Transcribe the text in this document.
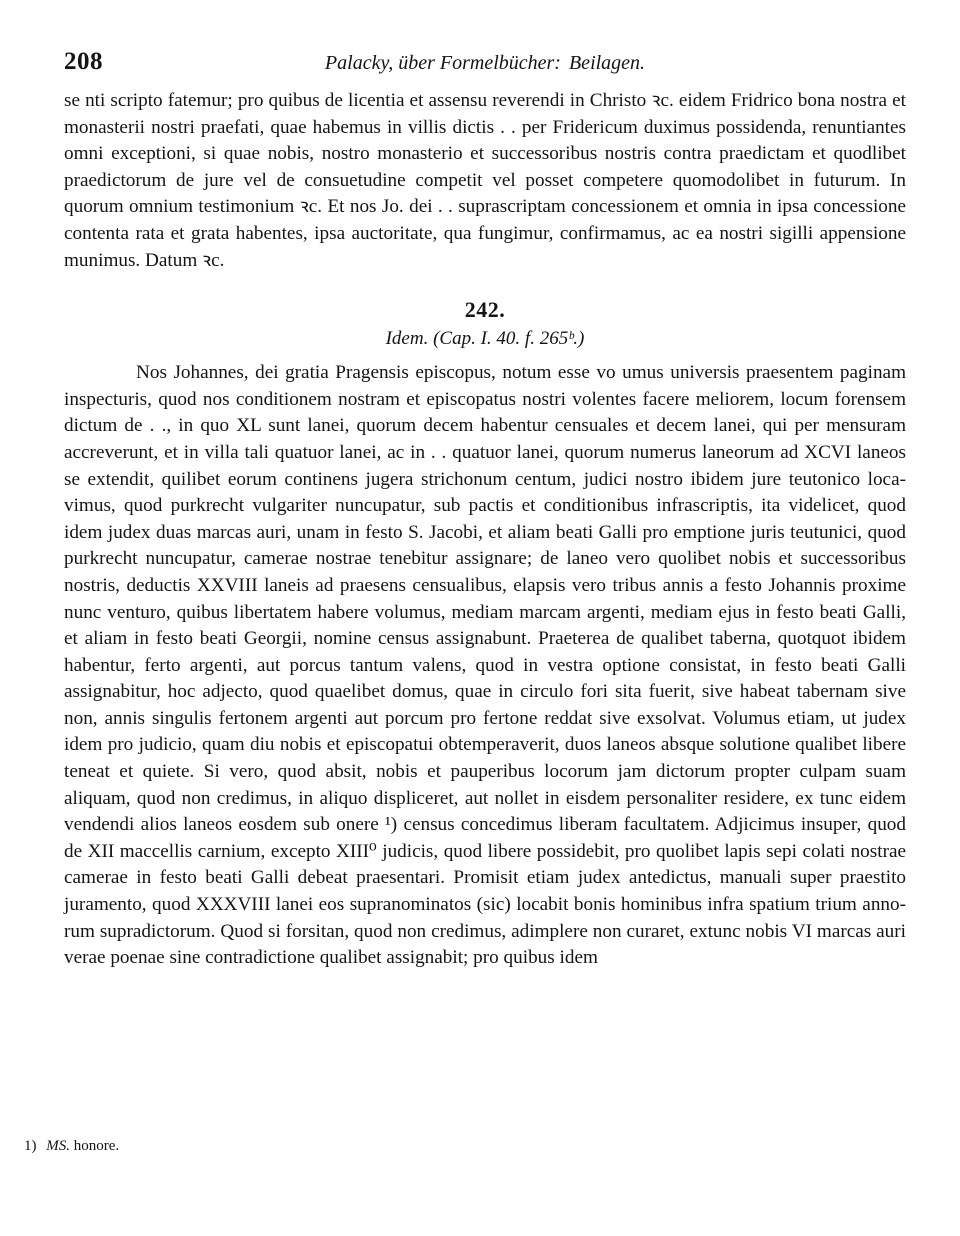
208	Palacky, über Formelbücher: Beilagen.

se nti scripto fatemur; pro quibus de licentia et assensu reverendi in Christo ꝛc. eidem Fridrico bona nostra et monasterii nostri praefati, quae habemus in villis dictis . . per Fridericum duximus possidenda, renuntiantes omni exceptioni, si quae nobis, nostro monasterio et successoribus nostris contra praedictam et quodlibet praedictorum de jure vel de consuetudine competit vel posset competere quomodolibet in futurum. In quorum omnium testimonium ꝛc. Et nos Jo. dei . . suprascriptam concessionem et omnia in ipsa concessione contenta rata et grata habentes, ipsa auctoritate, qua fungimur, confirmamus, ac ea nostri sigilli appensione munimus. Datum ꝛc.

242.
Idem. (Cap. I. 40. f. 265ᵇ.)

Nos Johannes, dei gratia Pragensis episcopus, notum esse vo umus universis praesentem paginam inspecturis, quod nos conditionem nostram et episcopatus nostri volentes facere meliorem, locum forensem dictum de . ., in quo XL sunt lanei, quorum decem habentur censuales et decem lanei, qui per mensuram accreverunt, et in villa tali quatuor lanei, ac in . . quatuor lanei, quorum numerus laneorum ad XCVI laneos se extendit, quilibet eorum continens jugera strichonum centum, judici nostro ibidem jure teutonico locavimus, quod purkrecht vulgariter nuncupatur, sub pactis et conditionibus infrascriptis, ita videlicet, quod idem judex duas marcas auri, unam in festo S. Jacobi, et aliam beati Galli pro emptione juris teutunici, quod purkrecht nuncupatur, camerae nostrae tenebitur assignare; de laneo vero quolibet nobis et successoribus nostris, deductis XXVIII laneis ad praesens censualibus, elapsis vero tribus annis a festo Johannis proxime nunc venturo, quibus libertatem habere volumus, mediam marcam argenti, mediam ejus in festo beati Galli, et aliam in festo beati Georgii, nomine census assignabunt. Praeterea de qualibet taberna, quotquot ibidem habentur, ferto argenti, aut porcus tantum valens, quod in vestra optione consistat, in festo beati Galli assignabitur, hoc adjecto, quod quaelibet domus, quae in circulo fori sita fuerit, sive habeat tabernam sive non, annis singulis fertonem argenti aut porcum pro fertone reddat sive exsolvat. Volumus etiam, ut judex idem pro judicio, quam diu nobis et episcopatui obtemperaverit, duos laneos absque solutione qualibet libere teneat et quiete. Si vero, quod absit, nobis et pauperibus locorum jam dictorum propter culpam suam aliquam, quod non credimus, in aliquo displiceret, aut nollet in eisdem personaliter residere, ex tunc eidem vendendi alios laneos eosdem sub onere ¹) census concedimus liberam facultatem. Adjicimus insuper, quod de XII maccellis carnium, excepto XIII⁰ judicis, quod libere possidebit, pro quolibet lapis sepi colati nostrae camerae in festo beati Galli debeat praesentari. Promisit etiam judex antedictus, manuali super praestito juramento, quod XXXVIII lanei eos supranominatos (sic) locabit bonis hominibus infra spatium trium annorum supradictorum. Quod si forsitan, quod non credimus, adimplere non curaret, extunc nobis VI marcas auri verae poenae sine contradictione qualibet assignabit; pro quibus idem

1) MS. honore.
